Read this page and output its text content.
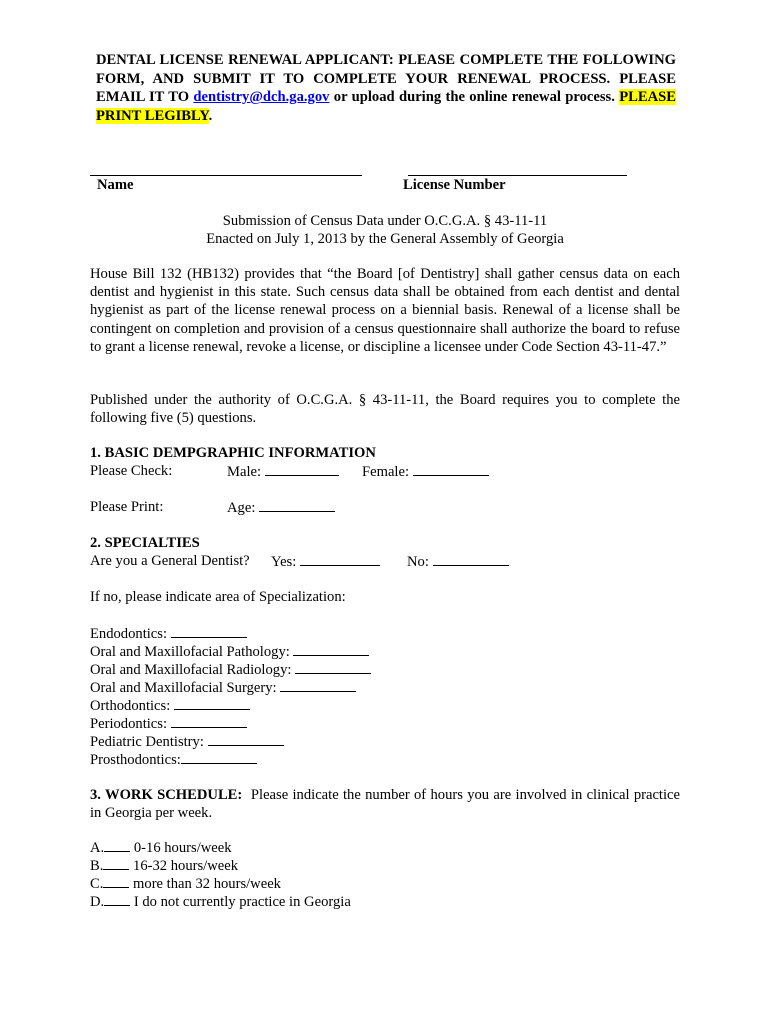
DENTAL LICENSE RENEWAL APPLICANT: PLEASE COMPLETE THE FOLLOWING FORM, AND SUBMIT IT TO COMPLETE YOUR RENEWAL PROCESS. PLEASE EMAIL IT TO dentistry@dch.ga.gov or upload during the online renewal process. PLEASE PRINT LEGIBLY.
Name	License Number
Submission of Census Data under O.C.G.A. § 43-11-11
Enacted on July 1, 2013 by the General Assembly of Georgia
House Bill 132 (HB132) provides that “the Board [of Dentistry] shall gather census data on each dentist and hygienist in this state. Such census data shall be obtained from each dentist and dental hygienist as part of the license renewal process on a biennial basis. Renewal of a license shall be contingent on completion and provision of a census questionnaire shall authorize the board to refuse to grant a license renewal, revoke a license, or discipline a licensee under Code Section 43-11-47.”
Published under the authority of O.C.G.A. § 43-11-11, the Board requires you to complete the following five (5) questions.
1. BASIC DEMPGRAPHIC INFORMATION
Please Check:	Male:	Female:
Please Print:	Age:
2. SPECIALTIES
Are you a General Dentist? Yes:	No:
If no, please indicate area of Specialization:
Endodontics:
Oral and Maxillofacial Pathology:
Oral and Maxillofacial Radiology:
Oral and Maxillofacial Surgery:
Orthodontics:
Periodontics:
Pediatric Dentistry:
Prosthodontics:
3. WORK SCHEDULE: Please indicate the number of hours you are involved in clinical practice in Georgia per week.
A. 0-16 hours/week
B. 16-32 hours/week
C. more than 32 hours/week
D. I do not currently practice in Georgia
